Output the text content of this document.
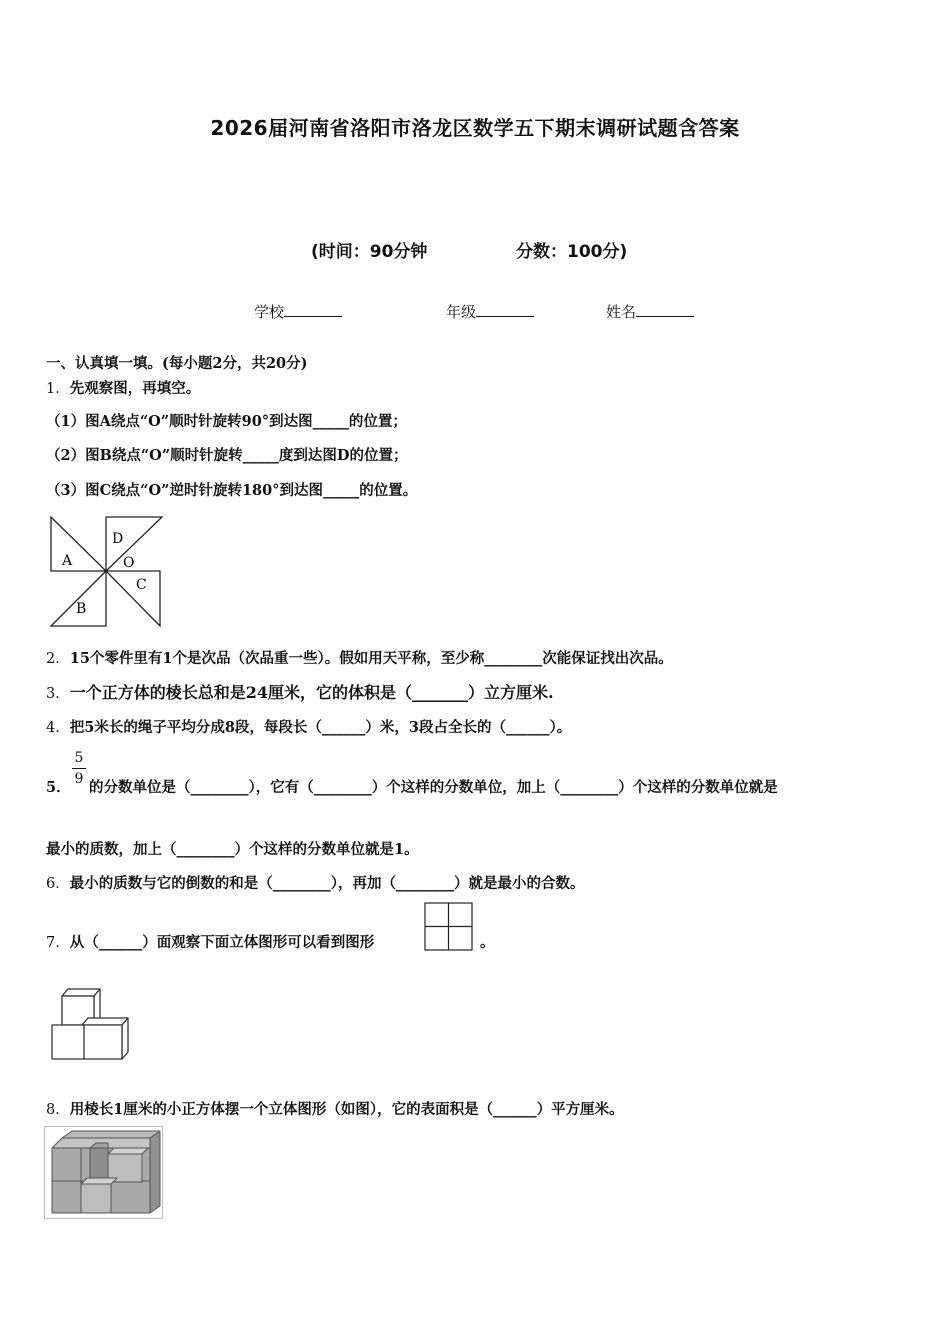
2026届河南省洛阳市洛龙区数学五下期末调研试题含答案
(时间：90分钟	分数：100分)
学校	年级	姓名
一、认真填一填。(每小题2分，共20分)
1．先观察图，再填空。
（1）图A绕点“O”顺时针旋转90°到达图_____的位置；
（2）图B绕点“O”顺时针旋转_____度到达图D的位置；
（3）图C绕点“O”逆时针旋转180°到达图_____的位置。
A
D
O
C
B
2．15个零件里有1个是次品（次品重一些）。假如用天平称，至少称________次能保证找出次品。
3．一个正方体的棱长总和是24厘米，它的体积是（_______）立方厘米.
4．把5米长的绳子平均分成8段，每段长（______）米，3段占全长的（______）。
5．
5
9 的分数单位是（________），它有（________）个这样的分数单位，加上（________）个这样的分数单位就是
最小的质数，加上（________）个这样的分数单位就是1。
6．最小的质数与它的倒数的和是（________），再加（________）就是最小的合数。
7．从（______）面观察下面立体图形可以看到图形	。
8．用棱长1厘米的小正方体摆一个立体图形（如图），它的表面积是（______）平方厘米。
